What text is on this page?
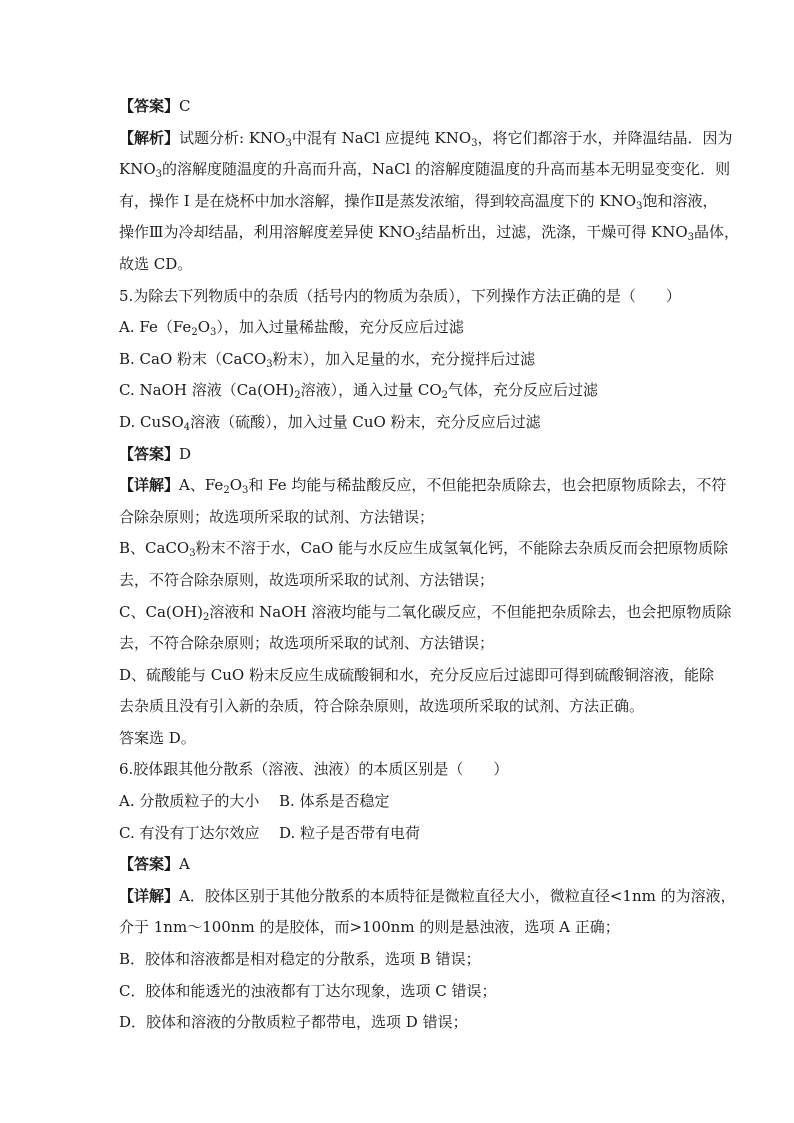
【答案】C
【解析】试题分析: $KNO_3$中混有 NaCl 应提纯 $KNO_3$，将它们都溶于水，并降温结晶．因为
$KNO_3$的溶解度随温度的升高而升高，NaCl 的溶解度随温度的升高而基本无明显变变化．则
有，操作 I 是在烧杯中加水溶解，操作Ⅱ是蒸发浓缩，得到较高温度下的 $KNO_3$饱和溶液，
操作Ⅲ为冷却结晶，利用溶解度差异使 $KNO_3$结晶析出，过滤，洗涤，干燥可得 $KNO_3$晶体，
故选 CD。
5.为除去下列物质中的杂质（括号内的物质为杂质），下列操作方法正确的是（　　）
A. $Fe(Fe_2O_3)$，加入过量稀盐酸，充分反应后过滤
B. CaO 粉末（CaCO$_3$粉末），加入足量的水，充分搅拌后过滤
C. NaOH 溶液（$Ca(OH)_2$溶液），通入过量 $CO_2$气体，充分反应后过滤
D. CuSO$_4$溶液（硫酸），加入过量 CuO 粉末，充分反应后过滤
【答案】D
【详解】A、$Fe_2O_3$和 Fe 均能与稀盐酸反应，不但能把杂质除去，也会把原物质除去，不符
合除杂原则；故选项所采取的试剂、方法错误；
B、CaCO$_3$粉末不溶于水，CaO 能与水反应生成氢氧化钙，不能除去杂质反而会把原物质除
去，不符合除杂原则，故选项所采取的试剂、方法错误；
C、$Ca(OH)_2$溶液和 NaOH 溶液均能与二氧化碳反应，不但能把杂质除去，也会把原物质除
去，不符合除杂原则；故选项所采取的试剂、方法错误；
D、硫酸能与 CuO 粉末反应生成硫酸铜和水，充分反应后过滤即可得到硫酸铜溶液，能除
去杂质且没有引入新的杂质，符合除杂原则，故选项所采取的试剂、方法正确。
答案选 D。
6.胶体跟其他分散系（溶液、浊液）的本质区别是（　　）
A. 分散质粒子的大小 B. 体系是否稳定
C. 有没有丁达尔效应 D. 粒子是否带有电荷
【答案】A
【详解】A．胶体区别于其他分散系的本质特征是微粒直径大小，微粒直径<1nm 的为溶液，
介于 1nm～100nm 的是胶体，而>100nm 的则是悬浊液，选项 A 正确；
B．胶体和溶液都是相对稳定的分散系，选项 B 错误；
C．胶体和能透光的浊液都有丁达尔现象，选项 C 错误；
D．胶体和溶液的分散质粒子都带电，选项 D 错误；
